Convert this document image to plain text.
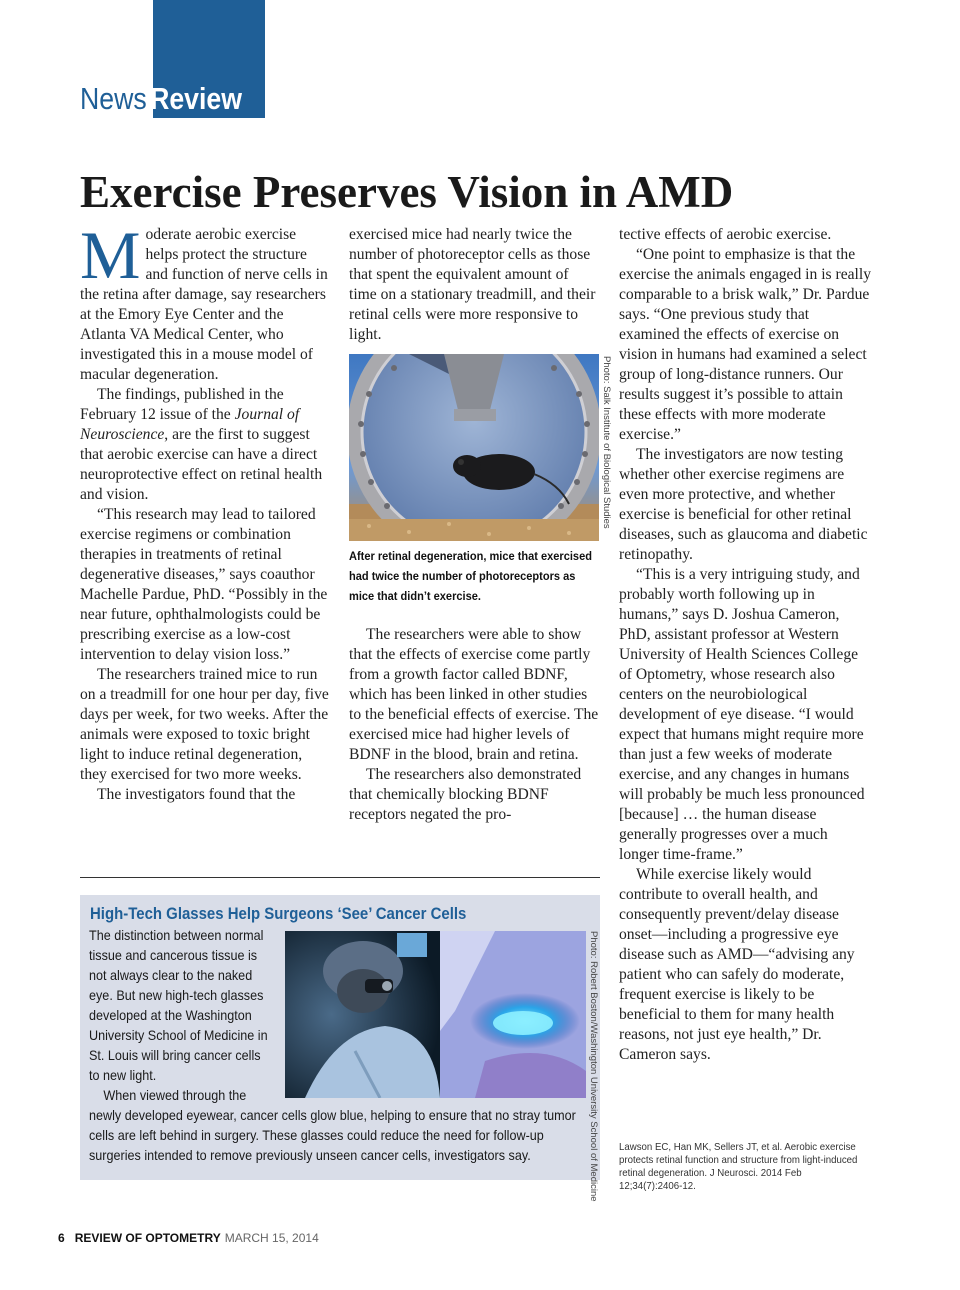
News Review
Exercise Preserves Vision in AMD

Moderate aerobic exercise helps protect the structure and function of nerve cells in the retina after damage, say researchers at the Emory Eye Center and the Atlanta VA Medical Center, who investigated this in a mouse model of macular degeneration.

The findings, published in the February 12 issue of the Journal of Neuroscience, are the first to suggest that aerobic exercise can have a direct neuroprotective effect on retinal health and vision.

“This research may lead to tailored exercise regimens or combination therapies in treatments of retinal degenerative diseases,” says coauthor Machelle Pardue, PhD. “Possibly in the near future, ophthalmologists could be prescribing exercise as a low-cost intervention to delay vision loss.”

The researchers trained mice to run on a treadmill for one hour per day, five days per week, for two weeks. After the animals were exposed to toxic bright light to induce retinal degeneration, they exercised for two more weeks.

The investigators found that the

exercised mice had nearly twice the number of photoreceptor cells as those that spent the equivalent amount of time on a stationary treadmill, and their retinal cells were more responsive to light.

Photo: Salk Institute of Biological Studies
After retinal degeneration, mice that exercised had twice the number of photoreceptors as mice that didn’t exercise.

The researchers were able to show that the effects of exercise come partly from a growth factor called BDNF, which has been linked in other studies to the beneficial effects of exercise. The exercised mice had higher levels of BDNF in the blood, brain and retina.

The researchers also demonstrated that chemically blocking BDNF receptors negated the pro-

tective effects of aerobic exercise.

“One point to emphasize is that the exercise the animals engaged in is really comparable to a brisk walk,” Dr. Pardue says. “One previous study that examined the effects of exercise on vision in humans had examined a select group of long-distance runners. Our results suggest it’s possible to attain these effects with more moderate exercise.”

The investigators are now testing whether other exercise regimens are even more protective, and whether exercise is beneficial for other retinal diseases, such as glaucoma and diabetic retinopathy.

“This is a very intriguing study, and probably worth following up in humans,” says D. Joshua Cameron, PhD, assistant professor at Western University of Health Sciences College of Optometry, whose research also centers on the neurobiological development of eye disease. “I would expect that humans might require more than just a few weeks of moderate exercise, and any changes in humans will probably be much less pronounced [because] … the human disease generally progresses over a much longer time-frame.”

While exercise likely would contribute to overall health, and consequently prevent/delay disease onset—including a progressive eye disease such as AMD—“advising any patient who can safely do moderate, frequent exercise is likely to be beneficial to them for many health reasons, not just eye health,” Dr. Cameron says.

Lawson EC, Han MK, Sellers JT, et al. Aerobic exercise protects retinal function and structure from light-induced retinal degeneration. J Neurosci. 2014 Feb 12;34(7):2406-12.
High-Tech Glasses Help Surgeons ‘See’ Cancer Cells
The distinction between normal
tissue and cancerous tissue is
not always clear to the naked
eye. But new high-tech glasses
developed at the Washington
University School of Medicine in
St. Louis will bring cancer cells
to new light.
When viewed through the
newly developed eyewear, cancer cells glow blue, helping to ensure that no stray tumor
cells are left behind in surgery. These glasses could reduce the need for follow-up
surgeries intended to remove previously unseen cancer cells, investigators say.	Photo: Robert Boston/Washington University School of Medicine
6 REVIEW OF OPTOMETRY MARCH 15, 2014
